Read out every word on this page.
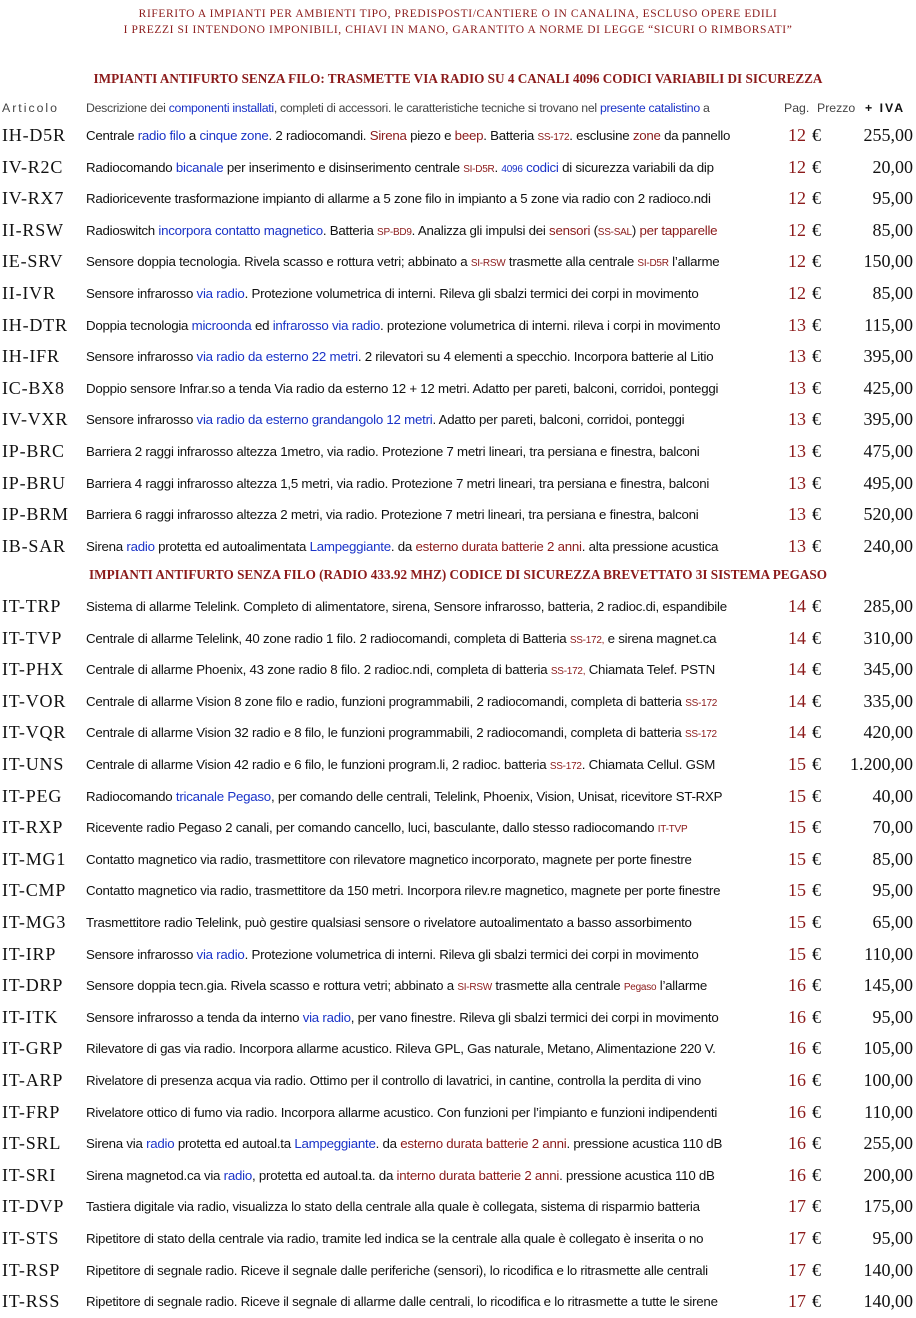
RIFERITO A IMPIANTI PER AMBIENTI TIPO, PREDISPOSTI/CANTIERE O IN CANALINA, ESCLUSO OPERE EDILI
I PREZZI SI INTENDONO IMPONIBILI, CHIAVI IN MANO, GARANTITO A NORME DI LEGGE “SICURI O RIMBORSATI”
IMPIANTI ANTIFURTO SENZA FILO: TRASMETTE VIA RADIO SU 4 CANALI 4096 CODICI VARIABILI DI SICUREZZA
Articolo Descrizione dei componenti installati, completi di accessori. le caratteristiche tecniche si trovano nel presente catalistino a	Pag. Prezzo + IVA
IMPIANTI ANTIFURTO SENZA FILO (RADIO 433.92 MHZ) CODICE DI SICUREZZA BREVETTATO 3I SISTEMA PEGASO
IH-D5R Centrale radio filo a cinque zone. 2 radiocomandi. Sirena piezo e beep. Batteria SS-172. esclusine zone da pannello	12 € 255,00
IV-R2C Radiocomando bicanale per inserimento e disinserimento centrale SI-D5R. 4096 codici di sicurezza variabili da dip	12 €	20,00
IV-RX7 Radioricevente trasformazione impianto di allarme a 5 zone filo in impianto a 5 zone via radio con 2 radioco.ndi	12 €	95,00
II-RSW Radioswitch incorpora contatto magnetico. Batteria SP-BD9. Analizza gli impulsi dei sensori (SS-SAL) per tapparelle	12 €	85,00
IE-SRV Sensore doppia tecnologia. Rivela scasso e rottura vetri; abbinato a SI-RSW trasmette alla centrale SI-D5R l’allarme	12 € 150,00
II-IVR Sensore infrarosso via radio. Protezione volumetrica di interni. Rileva gli sbalzi termici dei corpi in movimento	12 €	85,00
IH-DTR Doppia tecnologia microonda ed infrarosso via radio. protezione volumetrica di interni. rileva i corpi in movimento	13 € 115,00
IH-IFR Sensore infrarosso via radio da esterno 22 metri. 2 rilevatori su 4 elementi a specchio. Incorpora batterie al Litio	13 € 395,00
IC-BX8 Doppio sensore Infrar.so a tenda Via radio da esterno 12 + 12 metri. Adatto per pareti, balconi, corridoi, ponteggi	13 € 425,00
IV-VXR Sensore infrarosso via radio da esterno grandangolo 12 metri. Adatto per pareti, balconi, corridoi, ponteggi	13 € 395,00
IP-BRC Barriera 2 raggi infrarosso altezza 1metro, via radio. Protezione 7 metri lineari, tra persiana e finestra, balconi	13 € 475,00
IP-BRU Barriera 4 raggi infrarosso altezza 1,5 metri, via radio. Protezione 7 metri lineari, tra persiana e finestra, balconi	13 € 495,00
IP-BRM Barriera 6 raggi infrarosso altezza 2 metri, via radio. Protezione 7 metri lineari, tra persiana e finestra, balconi	13 € 520,00
IB-SAR Sirena radio protetta ed autoalimentata Lampeggiante. da esterno durata batterie 2 anni. alta pressione acustica	13 € 240,00
IT-TRP Sistema di allarme Telelink. Completo di alimentatore, sirena, Sensore infrarosso, batteria, 2 radioc.di, espandibile	14 € 285,00
IT-TVP Centrale di allarme Telelink, 40 zone radio 1 filo. 2 radiocomandi, completa di Batteria SS-172, e sirena magnet.ca	14 € 310,00
IT-PHX Centrale di allarme Phoenix, 43 zone radio 8 filo. 2 radioc.ndi, completa di batteria SS-172, Chiamata Telef. PSTN	14 € 345,00
IT-VOR Centrale di allarme Vision 8 zone filo e radio, funzioni programmabili, 2 radiocomandi, completa di batteria SS-172	14 € 335,00
IT-VQR Centrale di allarme Vision 32 radio e 8 filo, le funzioni programmabili, 2 radiocomandi, completa di batteria SS-172	14 € 420,00
IT-UNS Centrale di allarme Vision 42 radio e 6 filo, le funzioni program.li, 2 radioc. batteria SS-172. Chiamata Cellul. GSM	15 € 1.200,00
IT-PEG Radiocomando tricanale Pegaso, per comando delle centrali, Telelink, Phoenix, Vision, Unisat, ricevitore ST-RXP	15 €	40,00
IT-RXP Ricevente radio Pegaso 2 canali, per comando cancello, luci, basculante, dallo stesso radiocomando IT-TVP	15 €	70,00
IT-MG1 Contatto magnetico via radio, trasmettitore con rilevatore magnetico incorporato, magnete per porte finestre	15 €	85,00
IT-CMP Contatto magnetico via radio, trasmettitore da 150 metri. Incorpora rilev.re magnetico, magnete per porte finestre	15 €	95,00
IT-MG3 Trasmettitore radio Telelink, può gestire qualsiasi sensore o rivelatore autoalimentato a basso assorbimento	15 €	65,00
IT-IRP Sensore infrarosso via radio. Protezione volumetrica di interni. Rileva gli sbalzi termici dei corpi in movimento	15 € 110,00
IT-DRP Sensore doppia tecn.gia. Rivela scasso e rottura vetri; abbinato a SI-RSW trasmette alla centrale Pegaso l’allarme	16 € 145,00
IT-ITK Sensore infrarosso a tenda da interno via radio, per vano finestre. Rileva gli sbalzi termici dei corpi in movimento	16 €	95,00
IT-GRP Rilevatore di gas via radio. Incorpora allarme acustico. Rileva GPL, Gas naturale, Metano, Alimentazione 220 V.	16 € 105,00
IT-ARP Rivelatore di presenza acqua via radio. Ottimo per il controllo di lavatrici, in cantine, controlla la perdita di vino	16 € 100,00
IT-FRP Rivelatore ottico di fumo via radio. Incorpora allarme acustico. Con funzioni per l’impianto e funzioni indipendenti	16 € 110,00
IT-SRL Sirena via radio protetta ed autoal.ta Lampeggiante. da esterno durata batterie 2 anni. pressione acustica 110 dB	16 € 255,00
IT-SRI Sirena magnetod.ca via radio, protetta ed autoal.ta. da interno durata batterie 2 anni. pressione acustica 110 dB	16 € 200,00
IT-DVP Tastiera digitale via radio, visualizza lo stato della centrale alla quale è collegata, sistema di risparmio batteria	17 € 175,00
IT-STS Ripetitore di stato della centrale via radio, tramite led indica se la centrale alla quale è collegato è inserita o no	17 €	95,00
IT-RSP Ripetitore di segnale radio. Riceve il segnale dalle periferiche (sensori), lo ricodifica e lo ritrasmette alle centrali	17 € 140,00
IT-RSS Ripetitore di segnale radio. Riceve il segnale di allarme dalle centrali, lo ricodifica e lo ritrasmette a tutte le sirene	17 € 140,00
